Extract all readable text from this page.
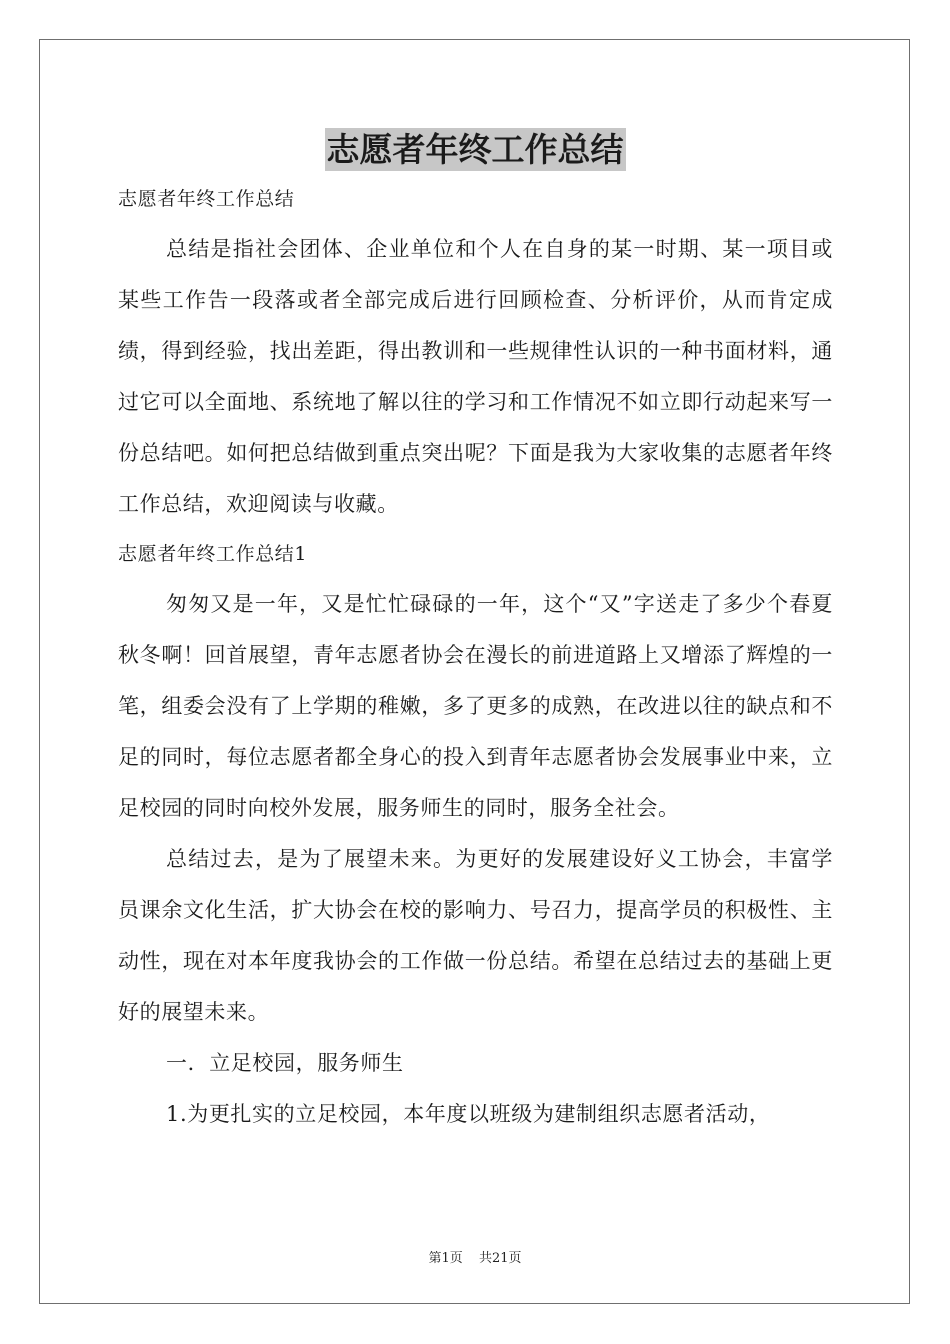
志愿者年终工作总结

志愿者年终工作总结

总结是指社会团体、企业单位和个人在自身的某一时期、某一项目或某些工作告一段落或者全部完成后进行回顾检查、分析评价，从而肯定成绩，得到经验，找出差距，得出教训和一些规律性认识的一种书面材料，通过它可以全面地、系统地了解以往的学习和工作情况不如立即行动起来写一份总结吧。如何把总结做到重点突出呢？下面是我为大家收集的志愿者年终工作总结，欢迎阅读与收藏。

志愿者年终工作总结1

匆匆又是一年，又是忙忙碌碌的一年，这个“又”字送走了多少个春夏秋冬啊！回首展望，青年志愿者协会在漫长的前进道路上又增添了辉煌的一笔，组委会没有了上学期的稚嫩，多了更多的成熟，在改进以往的缺点和不足的同时，每位志愿者都全身心的投入到青年志愿者协会发展事业中来，立足校园的同时向校外发展，服务师生的同时，服务全社会。

总结过去，是为了展望未来。为更好的发展建设好义工协会，丰富学员课余文化生活，扩大协会在校的影响力、号召力，提高学员的积极性、主动性，现在对本年度我协会的工作做一份总结。希望在总结过去的基础上更好的展望未来。

一．立足校园，服务师生

1.为更扎实的立足校园，本年度以班级为建制组织志愿者活动，

第1页 共21页
